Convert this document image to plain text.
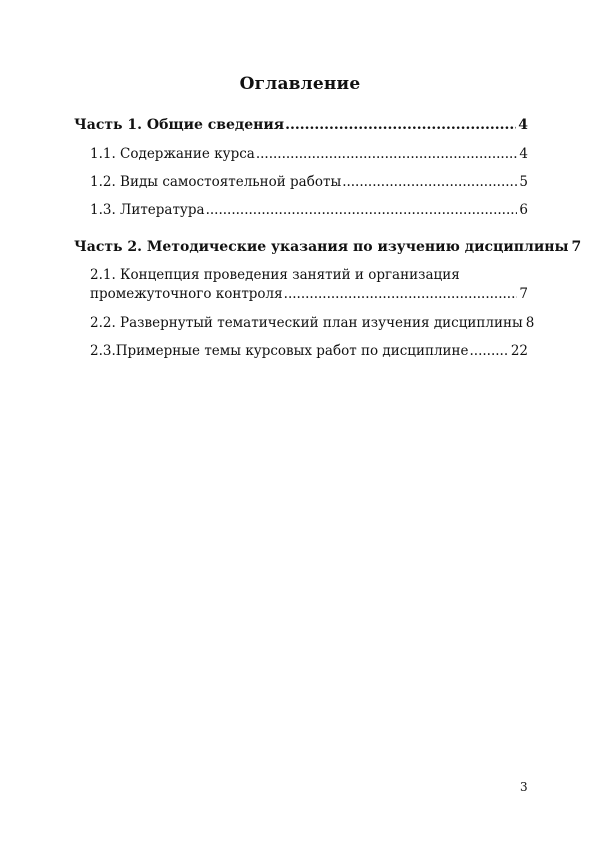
Оглавление
Часть 1. Общие сведения .....	4
1.1. Содержание курса .....	4
1.2. Виды самостоятельной работы .....	5
1.3. Литература .....	6
Часть 2. Методические указания по изучению дисциплины 7
2.1. Концепция проведения занятий и организация
промежуточного контроля .....	7
2.2. Развернутый тематический план изучения дисциплины 8
2.3.Примерные темы курсовых работ по дисциплине .....	22
3
